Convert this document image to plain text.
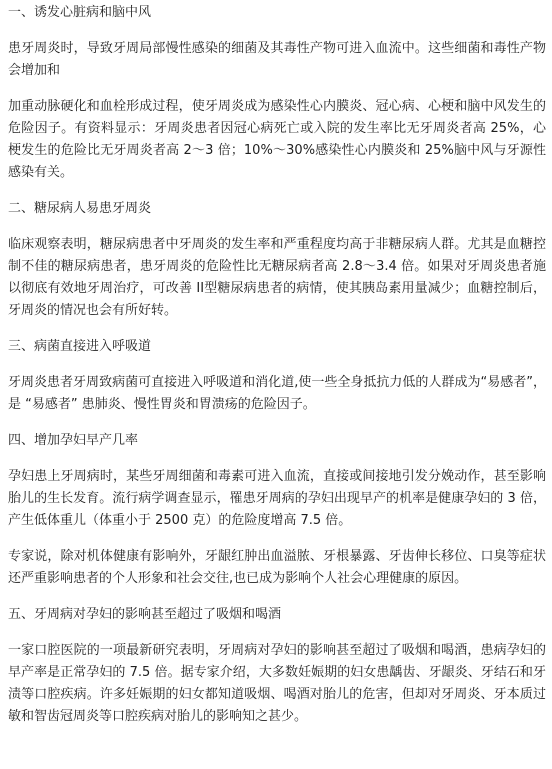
一、诱发心脏病和脑中风

患牙周炎时，导致牙周局部慢性感染的细菌及其毒性产物可进入血流中。这些细菌和毒性产物会增加和

加重动脉硬化和血栓形成过程，使牙周炎成为感染性心内膜炎、冠心病、心梗和脑中风发生的危险因子。有资料显示：牙周炎患者因冠心病死亡或入院的发生率比无牙周炎者高 25%，心梗发生的危险比无牙周炎者高 2～3 倍；10%～30%感染性心内膜炎和 25%脑中风与牙源性感染有关。

二、糖尿病人易患牙周炎

临床观察表明，糖尿病患者中牙周炎的发生率和严重程度均高于非糖尿病人群。尤其是血糖控制不佳的糖尿病患者，患牙周炎的危险性比无糖尿病者高 2.8～3.4 倍。如果对牙周炎患者施以彻底有效地牙周治疗，可改善 II型糖尿病患者的病情，使其胰岛素用量减少；血糖控制后，牙周炎的情况也会有所好转。

三、病菌直接进入呼吸道

牙周炎患者牙周致病菌可直接进入呼吸道和消化道,使一些全身抵抗力低的人群成为“易感者”，是 “易感者” 患肺炎、慢性胃炎和胃溃疡的危险因子。

四、增加孕妇早产几率

孕妇患上牙周病时，某些牙周细菌和毒素可进入血流，直接或间接地引发分娩动作，甚至影响胎儿的生长发育。流行病学调查显示，罹患牙周病的孕妇出现早产的机率是健康孕妇的 3 倍，产生低体重儿（体重小于 2500 克）的危险度增高 7.5 倍。

专家说，除对机体健康有影响外，牙龈红肿出血溢脓、牙根暴露、牙齿伸长移位、口臭等症状还严重影响患者的个人形象和社会交往,也已成为影响个人社会心理健康的原因。

五、牙周病对孕妇的影响甚至超过了吸烟和喝酒

一家口腔医院的一项最新研究表明，牙周病对孕妇的影响甚至超过了吸烟和喝酒，患病孕妇的早产率是正常孕妇的 7.5 倍。据专家介绍，大多数妊娠期的妇女患龋齿、牙龈炎、牙结石和牙渍等口腔疾病。许多妊娠期的妇女都知道吸烟、喝酒对胎儿的危害，但却对牙周炎、牙本质过敏和智齿冠周炎等口腔疾病对胎儿的影响知之甚少。
